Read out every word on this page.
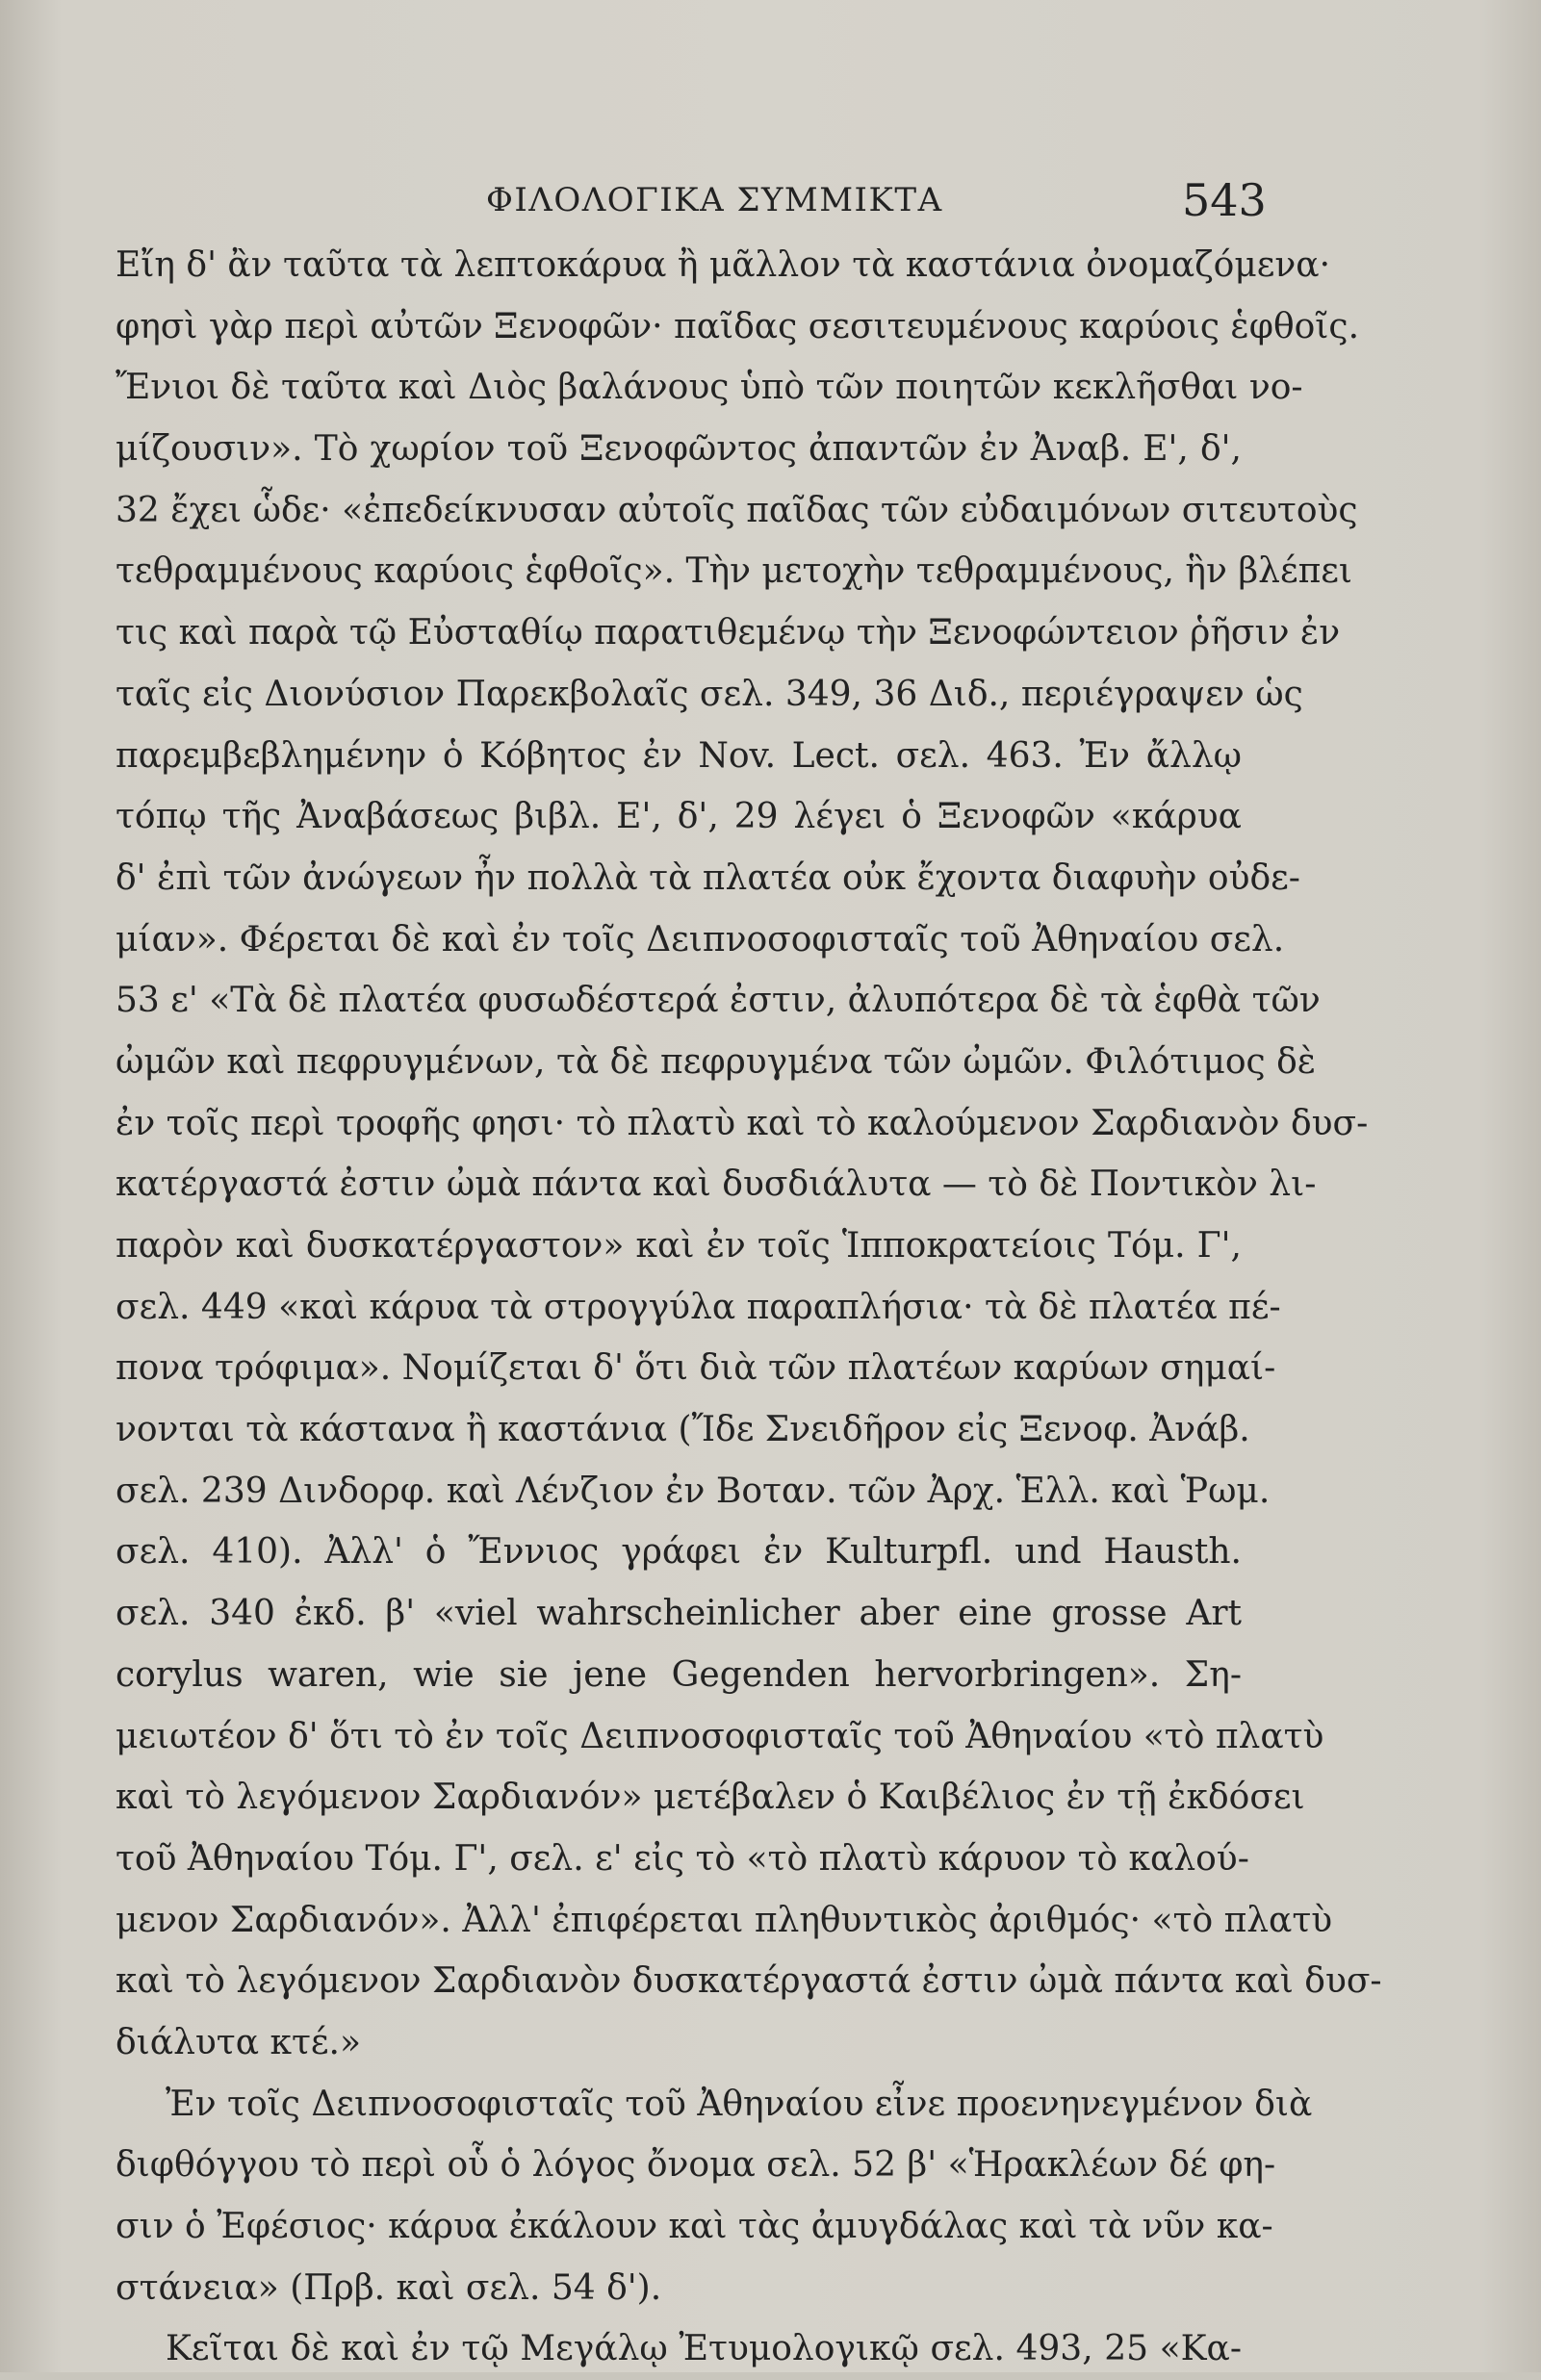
ΦΙΛΟΛΟΓΙΚΑ ΣΥΜΜΙΚΤΑ	543
Εἴη δ' ἂν ταῦτα τὰ λεπτοκάρυα ἢ μᾶλλον τὰ καστάνια ὀνομαζόμενα·
φησὶ γὰρ περὶ αὐτῶν Ξενοφῶν· παῖδας σεσιτευμένους καρύοις ἑφθοῖς.
Ἔνιοι δὲ ταῦτα καὶ Διὸς βαλάνους ὑπὸ τῶν ποιητῶν κεκλῆσθαι νο-
μίζουσιν». Τὸ χωρίον τοῦ Ξενοφῶντος ἀπαντῶν ἐν Ἀναβ. Ε', δ',
32 ἔχει ὧδε· «ἐπεδείκνυσαν αὐτοῖς παῖδας τῶν εὐδαιμόνων σιτευτοὺς
τεθραμμένους καρύοις ἑφθοῖς». Τὴν μετοχὴν τεθραμμένους, ἣν βλέπει
τις καὶ παρὰ τῷ Εὐσταθίῳ παρατιθεμένῳ τὴν Ξενοφώντειον ῥῆσιν ἐν
ταῖς εἰς Διονύσιον Παρεκβολαῖς σελ. 349, 36 Διδ., περιέγραψεν ὡς
παρεμβεβλημένην ὁ Κόβητος ἐν Nov. Lect. σελ. 463. Ἐν ἄλλῳ
τόπῳ τῆς Ἀναβάσεως βιβλ. Ε', δ', 29 λέγει ὁ Ξενοφῶν «κάρυα
δ' ἐπὶ τῶν ἀνώγεων ἦν πολλὰ τὰ πλατέα οὐκ ἔχοντα διαφυὴν οὐδε-
μίαν». Φέρεται δὲ καὶ ἐν τοῖς Δειπνοσοφισταῖς τοῦ Ἀθηναίου σελ.
53 ε' «Τὰ δὲ πλατέα φυσωδέστερά ἐστιν, ἀλυπότερα δὲ τὰ ἑφθὰ τῶν
ὠμῶν καὶ πεφρυγμένων, τὰ δὲ πεφρυγμένα τῶν ὠμῶν. Φιλότιμος δὲ
ἐν τοῖς περὶ τροφῆς φησι· τὸ πλατὺ καὶ τὸ καλούμενον Σαρδιανὸν δυσ-
κατέργαστά ἐστιν ὠμὰ πάντα καὶ δυσδιάλυτα — τὸ δὲ Ποντικὸν λι-
παρὸν καὶ δυσκατέργαστον» καὶ ἐν τοῖς Ἱπποκρατείοις Τόμ. Γ',
σελ. 449 «καὶ κάρυα τὰ στρογγύλα παραπλήσια· τὰ δὲ πλατέα πέ-
πονα τρόφιμα». Νομίζεται δ' ὅτι διὰ τῶν πλατέων καρύων σημαί-
νονται τὰ κάστανα ἢ καστάνια (Ἴδε Σνειδῆρον εἰς Ξενοφ. Ἀνάβ.
σελ. 239 Δινδορφ. καὶ Λένζιον ἐν Βοταν. τῶν Ἀρχ. Ἑλλ. καὶ Ῥωμ.
σελ. 410). Ἀλλ' ὁ Ἔννιος γράφει ἐν Kulturpfl. und Hausth.
σελ. 340 ἐκδ. β' «viel wahrscheinlicher aber eine grosse Art
corylus waren, wie sie jene Gegenden hervorbringen». Ση-
μειωτέον δ' ὅτι τὸ ἐν τοῖς Δειπνοσοφισταῖς τοῦ Ἀθηναίου «τὸ πλατὺ
καὶ τὸ λεγόμενον Σαρδιανόν» μετέβαλεν ὁ Καιβέλιος ἐν τῇ ἐκδόσει
τοῦ Ἀθηναίου Τόμ. Γ', σελ. ε' εἰς τὸ «τὸ πλατὺ κάρυον τὸ καλού-
μενον Σαρδιανόν». Ἀλλ' ἐπιφέρεται πληθυντικὸς ἀριθμός· «τὸ πλατὺ
καὶ τὸ λεγόμενον Σαρδιανὸν δυσκατέργαστά ἐστιν ὠμὰ πάντα καὶ δυσ-
διάλυτα κτέ.»
Ἐν τοῖς Δειπνοσοφισταῖς τοῦ Ἀθηναίου εἶνε προενηνεγμένον διὰ
διφθόγγου τὸ περὶ οὗ ὁ λόγος ὄνομα σελ. 52 β' «Ἡρακλέων δέ φη-
σιν ὁ Ἐφέσιος· κάρυα ἐκάλουν καὶ τὰς ἀμυγδάλας καὶ τὰ νῦν κα-
στάνεια» (Πρβ. καὶ σελ. 54 δ').
Κεῖται δὲ καὶ ἐν τῷ Μεγάλῳ Ἐτυμολογικῷ σελ. 493, 25 «Κα-
